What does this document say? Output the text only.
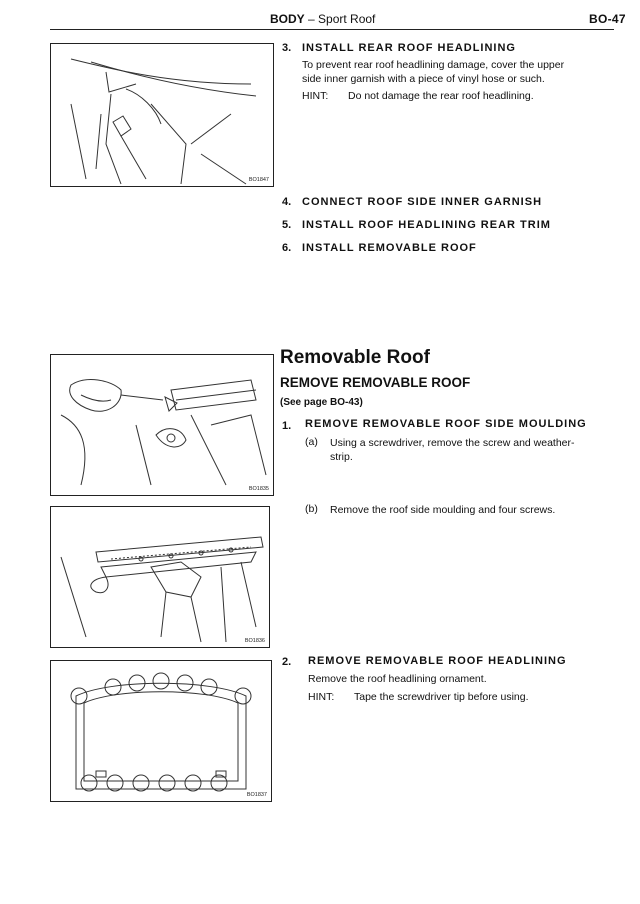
BODY – Sport Roof	BO-47
BO1847
3. INSTALL REAR ROOF HEADLINING
To prevent rear roof headlining damage, cover the upper
side inner garnish with a piece of vinyl hose or such.
HINT: Do not damage the rear roof headlining.
4. CONNECT ROOF SIDE INNER GARNISH
5. INSTALL ROOF HEADLINING REAR TRIM
6. INSTALL REMOVABLE ROOF
BO1835
Removable Roof
REMOVE REMOVABLE ROOF
(See page BO-43)
1. REMOVE REMOVABLE ROOF SIDE MOULDING
(a) Using a screwdriver, remove the screw and weather-
strip.
(b) Remove the roof side moulding and four screws.
BO1836
2. REMOVE REMOVABLE ROOF HEADLINING
Remove the roof headlining ornament.
HINT: Tape the screwdriver tip before using.
BO1837
